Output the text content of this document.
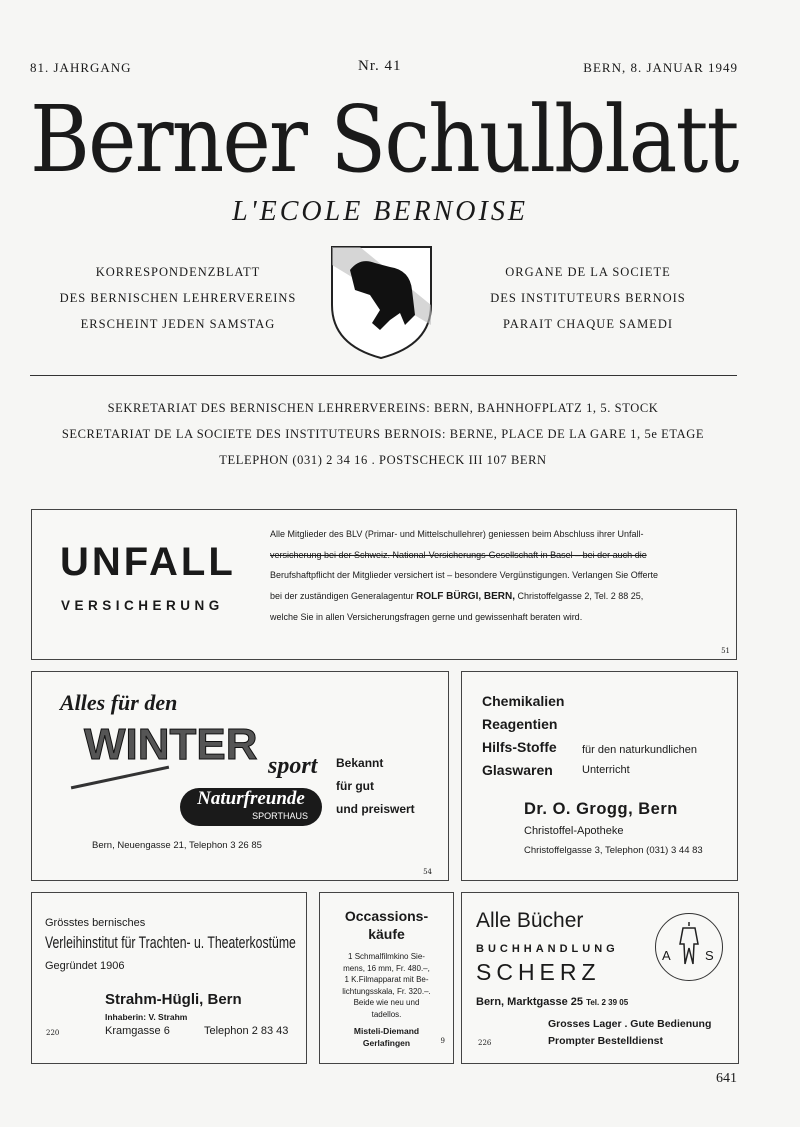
81. JAHRGANG	Nr. 41	BERN, 8. JANUAR 1949
Berner Schulblatt
L'ECOLE BERNOISE
KORRESPONDENZBLATT
DES BERNISCHEN LEHRERVEREINS
ERSCHEINT JEDEN SAMSTAG
ORGANE DE LA SOCIETE
DES INSTITUTEURS BERNOIS
PARAIT CHAQUE SAMEDI
SEKRETARIAT DES BERNISCHEN LEHRERVEREINS: BERN, BAHNHOFPLATZ 1, 5. STOCK
SECRETARIAT DE LA SOCIETE DES INSTITUTEURS BERNOIS: BERNE, PLACE DE LA GARE 1, 5e ETAGE
TELEPHON (031) 2 34 16 . POSTSCHECK III 107 BERN
UNFALL
VERSICHERUNG
Alle Mitglieder des BLV (Primar- und Mittelschullehrer) geniessen beim Abschluss ihrer Unfall-
versicherung bei der Schweiz. National-Versicherungs-Gesellschaft in Basel – bei der auch die
Berufshaftpflicht der Mitglieder versichert ist – besondere Vergünstigungen. Verlangen Sie Offerte
bei der zuständigen Generalagentur ROLF BÜRGI, BERN, Christoffelgasse 2, Tel. 2 88 25,
welche Sie in allen Versicherungsfragen gerne und gewissenhaft beraten wird.
51
Alles für den
WINTER sport
Naturfreunde
SPORTHAUS
Bekannt
für gut
und preiswert
Bern, Neuengasse 21, Telephon 3 26 85
54
Chemikalien
Reagentien
Hilfs-Stoffe
Glaswaren
für den naturkundlichen
Unterricht
Dr. O. Grogg, Bern
Christoffel-Apotheke
Christoffelgasse 3, Telephon (031) 3 44 83
Grösstes bernisches
Verleihinstitut für Trachten- u. Theaterkostüme
Gegründet 1906
Strahm-Hügli, Bern
Inhaberin: V. Strahm
Kramgasse 6	Telephon 2 83 43
220
Occassions-
käufe
1 Schmalfilmkino Sie-
mens, 16 mm, Fr. 480.–,
1 K.Filmapparat mit Be-
lichtungsskala, Fr. 320.–.
Beide wie neu und
tadellos.
Misteli-Diemand
Gerlafingen	9
Alle Bücher
BUCHHANDLUNG
SCHERZ
Bern, Marktgasse 25 Tel. 2 39 05
Grosses Lager . Gute Bedienung
Prompter Bestelldienst
226
A	S
641
